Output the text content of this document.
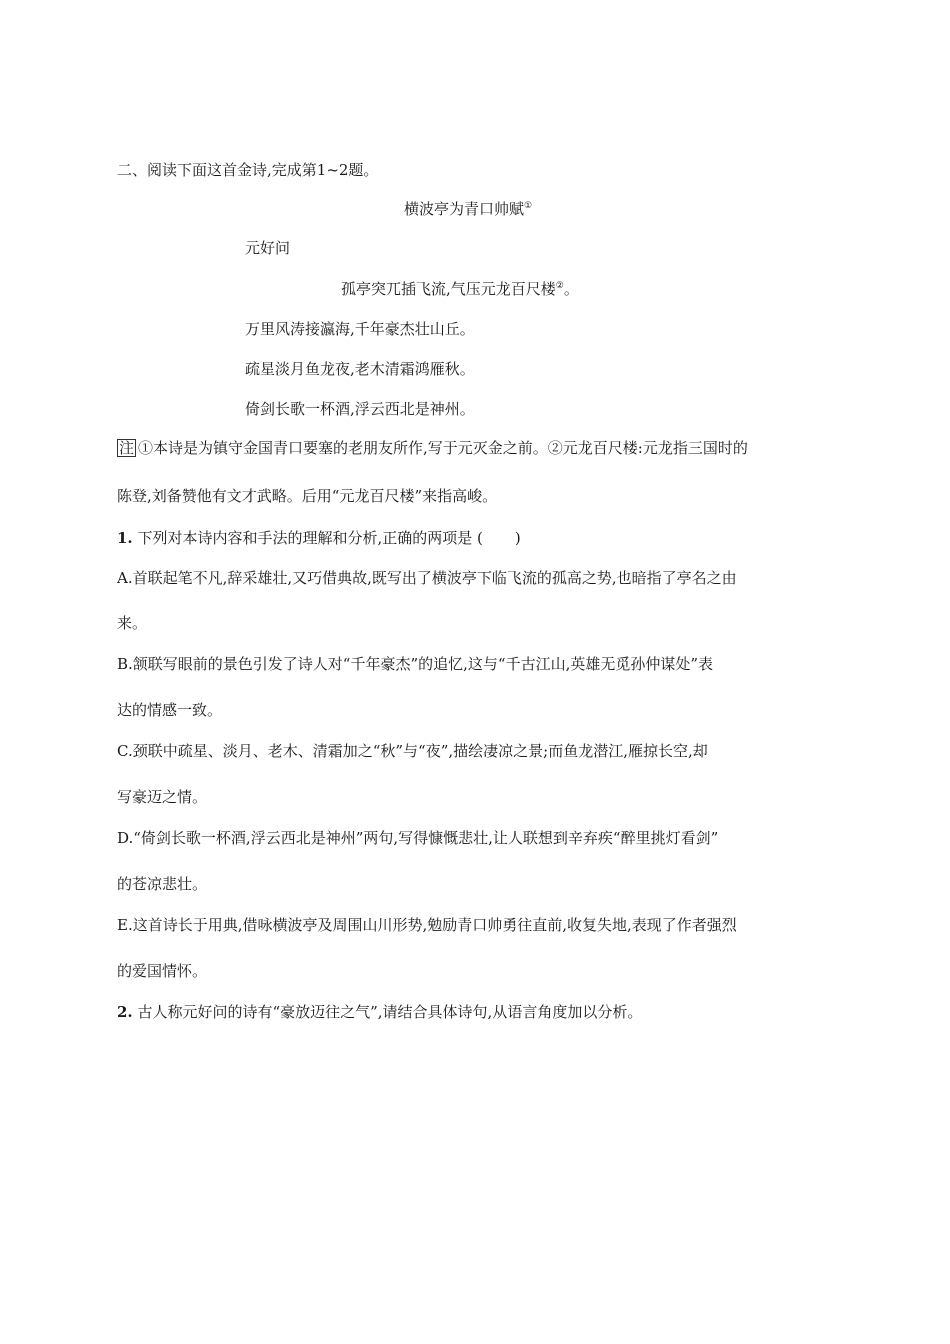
二、阅读下面这首金诗,完成第1~2题。
横波亭为青口帅赋①
元好问
孤亭突兀插飞流,气压元龙百尺楼②。
万里风涛接瀛海,千年豪杰壮山丘。
疏星淡月鱼龙夜,老木清霜鸿雁秋。
倚剑长歌一杯酒,浮云西北是神州。
注 ①本诗是为镇守金国青口要塞的老朋友所作,写于元灭金之前。②元龙百尺楼:元龙指三国时的
陈登,刘备赞他有文才武略。后用“元龙百尺楼”来指高峻。
1. 下列对本诗内容和手法的理解和分析,正确的两项是 ( )
A.首联起笔不凡,辞采雄壮,又巧借典故,既写出了横波亭下临飞流的孤高之势,也暗指了亭名之由
来。
B.颔联写眼前的景色引发了诗人对“千年豪杰”的追忆,这与“千古江山,英雄无觅孙仲谋处”表
达的情感一致。
C.颈联中疏星、淡月、老木、清霜加之“秋”与“夜”,描绘凄凉之景;而鱼龙潜江,雁掠长空,却
写豪迈之情。
D.“倚剑长歌一杯酒,浮云西北是神州”两句,写得慷慨悲壮,让人联想到辛弃疾“醉里挑灯看剑”
的苍凉悲壮。
E.这首诗长于用典,借咏横波亭及周围山川形势,勉励青口帅勇往直前,收复失地,表现了作者强烈
的爱国情怀。
2. 古人称元好问的诗有“豪放迈往之气”,请结合具体诗句,从语言角度加以分析。
